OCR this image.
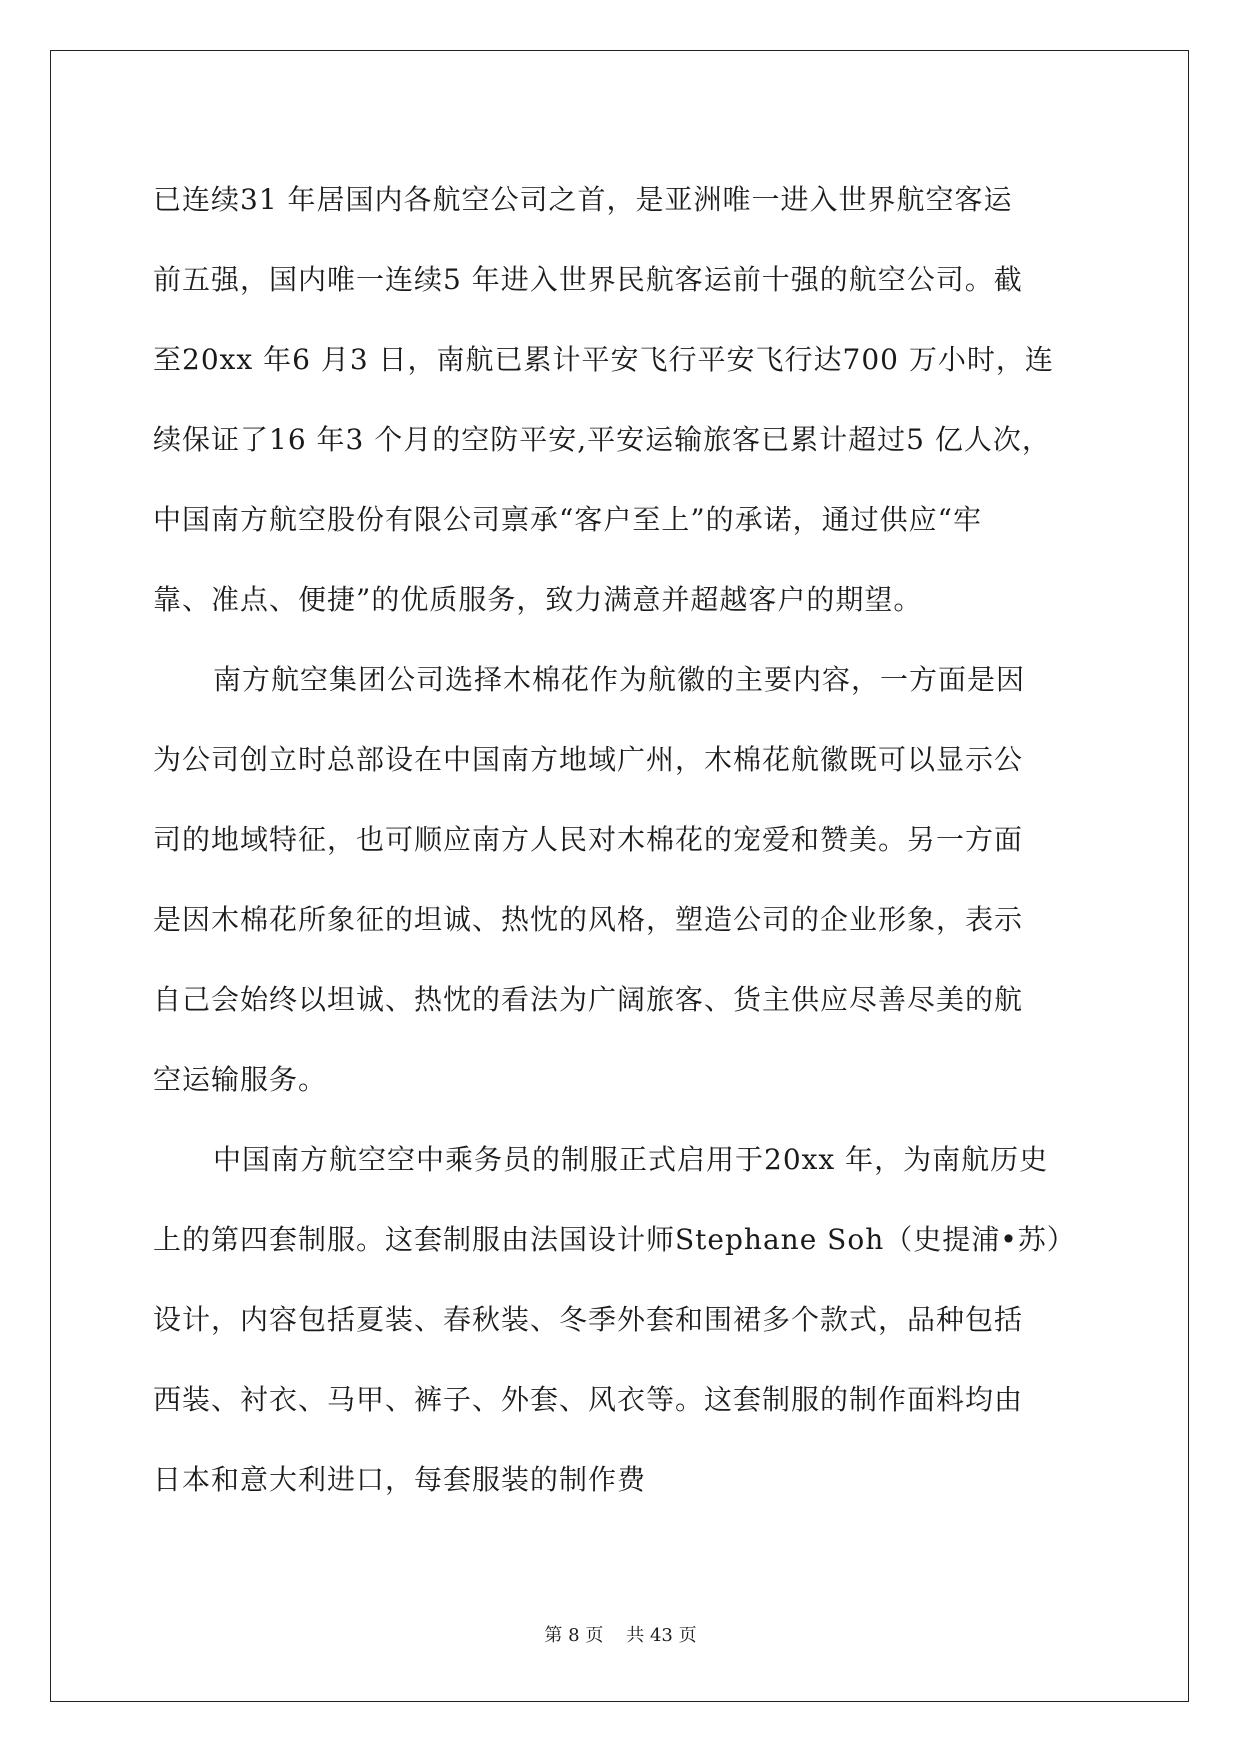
已连续31 年居国内各航空公司之首，是亚洲唯一进入世界航空客运
前五强，国内唯一连续5 年进入世界民航客运前十强的航空公司。截
至20xx 年6 月3 日，南航已累计平安飞行平安飞行达700 万小时，连
续保证了16 年3 个月的空防平安,平安运输旅客已累计超过5 亿人次，
中国南方航空股份有限公司禀承“客户至上”的承诺，通过供应“牢
靠、准点、便捷”的优质服务，致力满意并超越客户的期望。
南方航空集团公司选择木棉花作为航徽的主要内容，一方面是因
为公司创立时总部设在中国南方地域广州，木棉花航徽既可以显示公
司的地域特征，也可顺应南方人民对木棉花的宠爱和赞美。另一方面
是因木棉花所象征的坦诚、热忱的风格，塑造公司的企业形象，表示
自己会始终以坦诚、热忱的看法为广阔旅客、货主供应尽善尽美的航
空运输服务。
中国南方航空空中乘务员的制服正式启用于20xx 年，为南航历史
上的第四套制服。这套制服由法国设计师Stephane Soh（史提浦•苏）
设计，内容包括夏装、春秋装、冬季外套和围裙多个款式，品种包括
西装、衬衣、马甲、裤子、外套、风衣等。这套制服的制作面料均由
日本和意大利进口，每套服装的制作费
第 8 页 共 43 页
